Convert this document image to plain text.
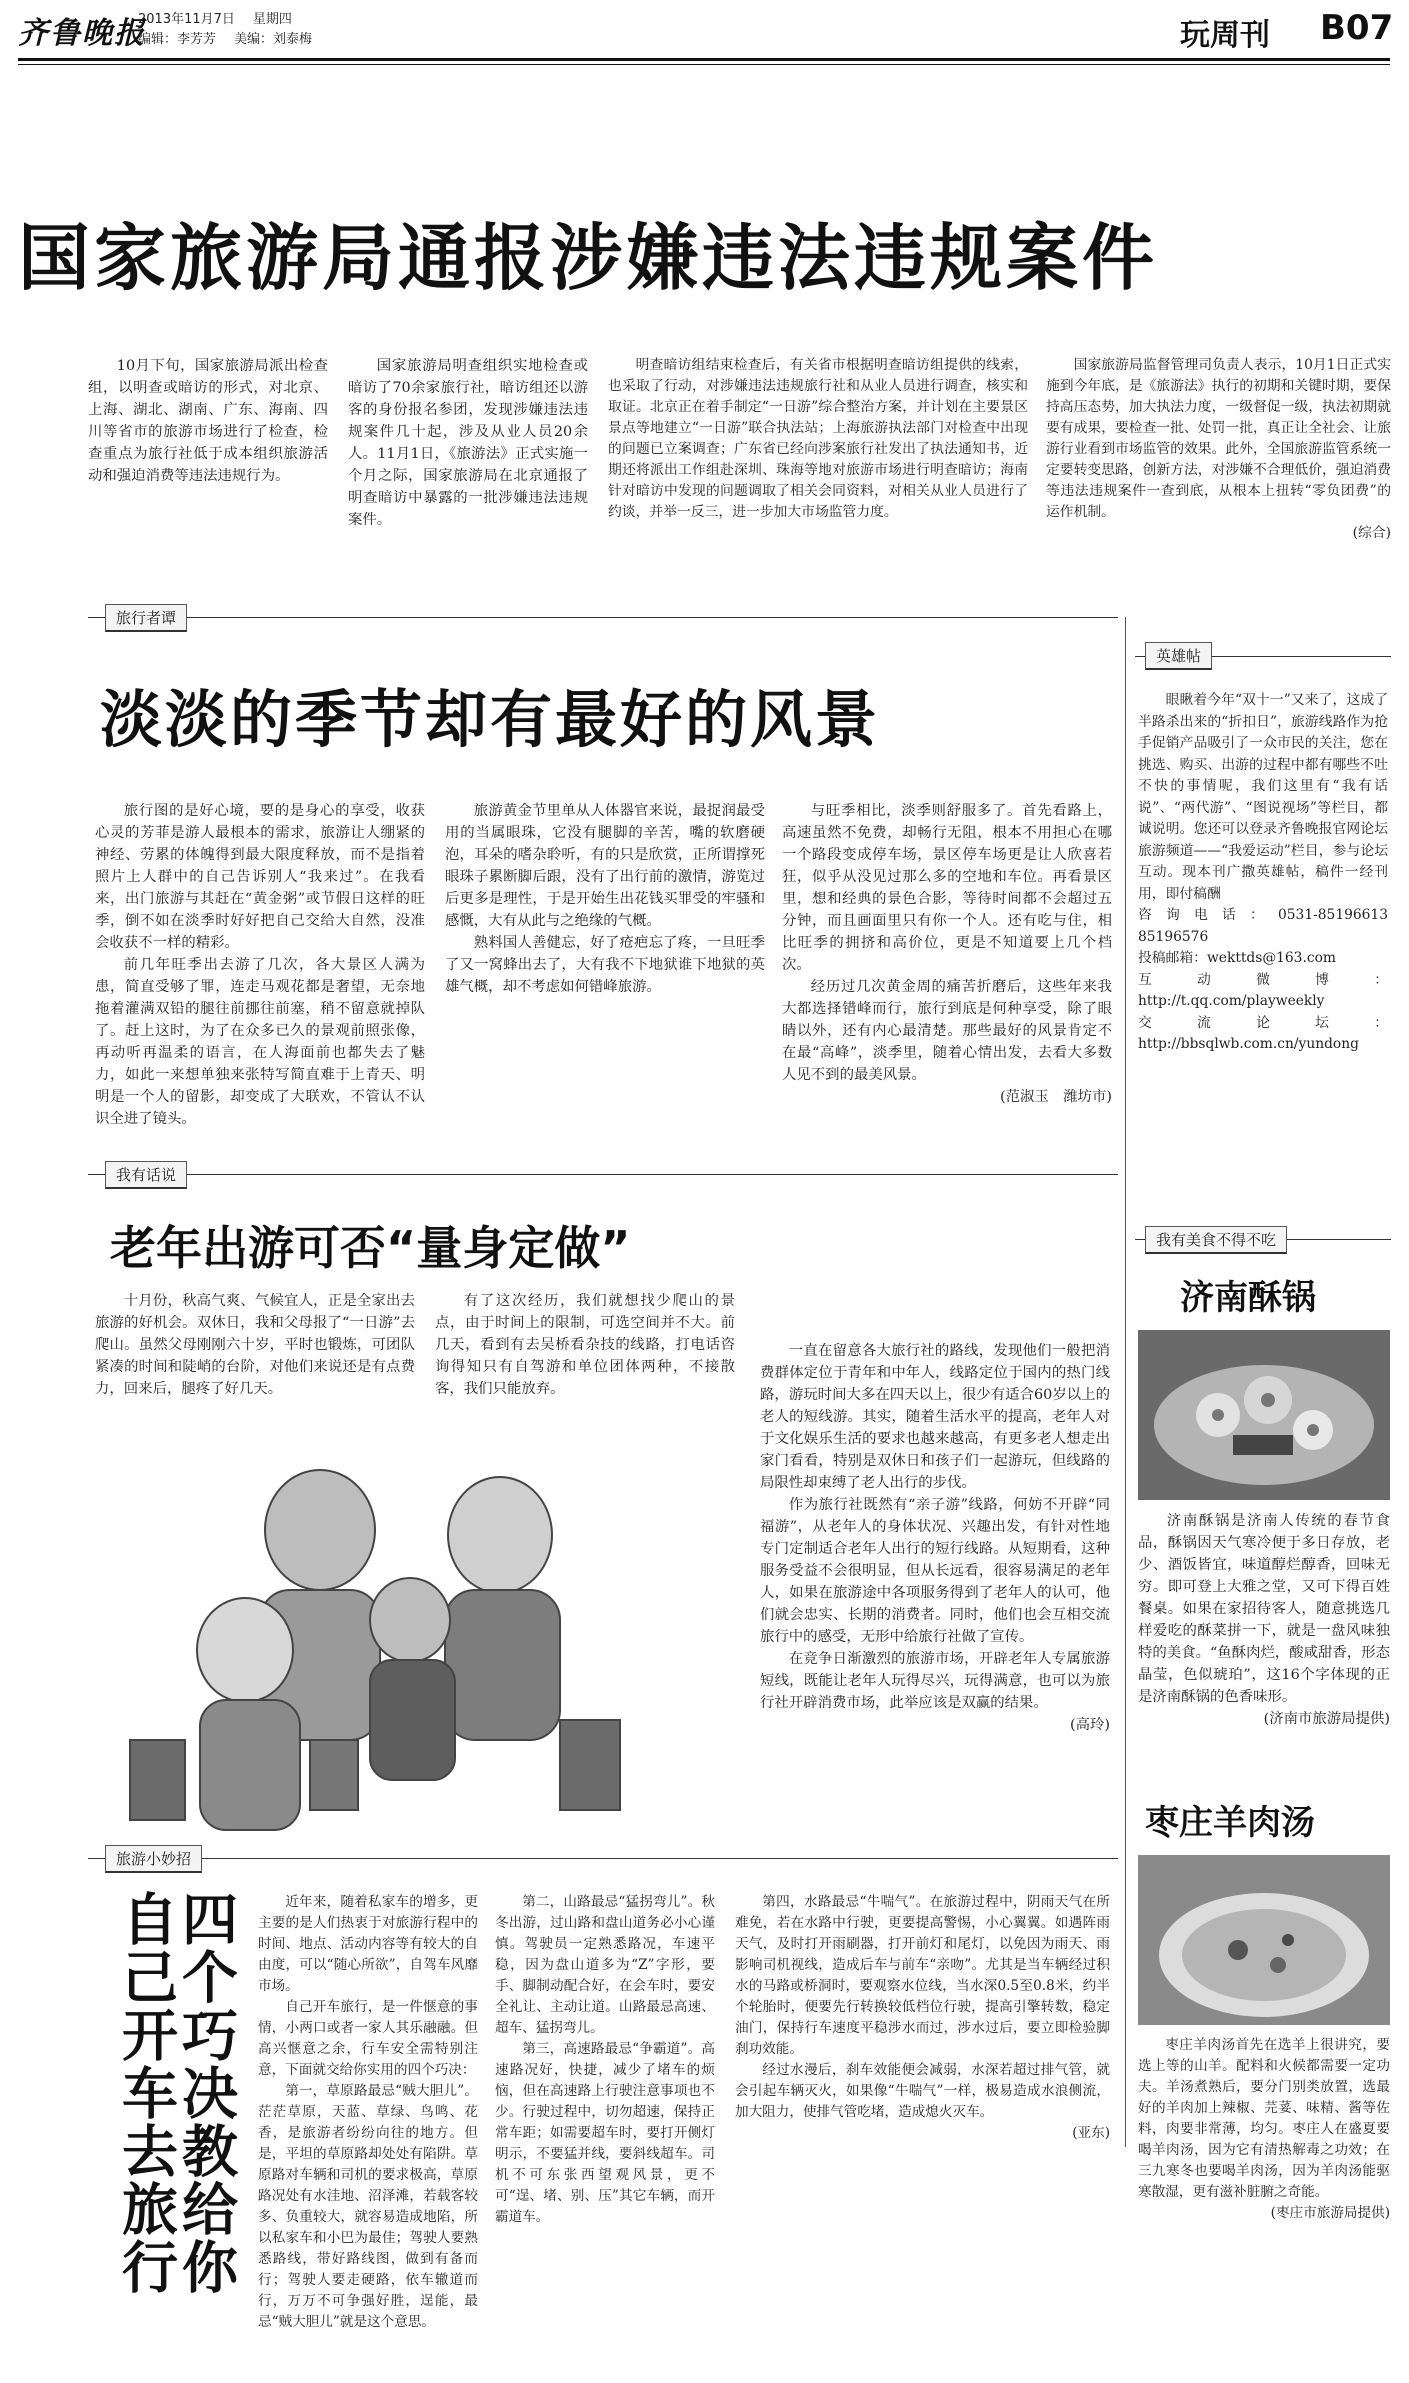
齐鲁晚报
2013年11月7日 星期四
编辑：李芳芳 美编：刘泰梅	玩周刊 B07
国家旅游局通报涉嫌违法违规案件

10月下旬，国家旅游局派出检查组，以明查或暗访的形式，对北京、上海、湖北、湖南、广东、海南、四川等省市的旅游市场进行了检查，检查重点为旅行社低于成本组织旅游活动和强迫消费等违法违规行为。

国家旅游局明查组织实地检查或暗访了70余家旅行社，暗访组还以游客的身份报名参团，发现涉嫌违法违规案件几十起，涉及从业人员20余人。11月1日，《旅游法》正式实施一个月之际，国家旅游局在北京通报了明查暗访中暴露的一批涉嫌违法违规案件。

明查暗访组结束检查后，有关省市根据明查暗访组提供的线索，也采取了行动，对涉嫌违法违规旅行社和从业人员进行调查，核实和取证。北京正在着手制定“一日游”综合整治方案，并计划在主要景区景点等地建立“一日游”联合执法站；上海旅游执法部门对检查中出现的问题已立案调查；广东省已经向涉案旅行社发出了执法通知书，近期还将派出工作组赴深圳、珠海等地对旅游市场进行明查暗访；海南针对暗访中发现的问题调取了相关会同资料，对相关从业人员进行了约谈，并举一反三，进一步加大市场监管力度。

国家旅游局监督管理司负责人表示，10月1日正式实施到今年底，是《旅游法》执行的初期和关键时期，要保持高压态势，加大执法力度，一级督促一级，执法初期就要有成果，要检查一批、处罚一批，真正让全社会、让旅游行业看到市场监管的效果。此外，全国旅游监管系统一定要转变思路，创新方法，对涉嫌不合理低价，强迫消费等违法违规案件一查到底，从根本上扭转“零负团费”的运作机制。

(综合)
旅行者谭
淡淡的季节却有最好的风景

旅行图的是好心境，要的是身心的享受，收获心灵的芳菲是游人最根本的需求，旅游让人绷紧的神经、劳累的体魄得到最大限度释放，而不是指着照片上人群中的自己告诉别人“我来过”。在我看来，出门旅游与其赶在“黄金粥”或节假日这样的旺季，倒不如在淡季时好好把自己交给大自然，没准会收获不一样的精彩。

前几年旺季出去游了几次，各大景区人满为患，简直受够了罪，连走马观花都是奢望，无奈地拖着灌满双铅的腿往前挪往前塞，稍不留意就掉队了。赶上这时，为了在众多已久的景观前照张像，再动听再温柔的语言，在人海面前也都失去了魅力，如此一来想单独来张特写简直难于上青天、明明是一个人的留影，却变成了大联欢，不管认不认识全进了镜头。

旅游黄金节里单从人体器官来说，最捉润最受用的当属眼珠，它没有腿脚的辛苦，嘴的软磨硬泡，耳朵的嗜杂聆听，有的只是欣赏，正所谓撑死眼珠子累断脚后跟，没有了出行前的激情，游览过后更多是理性，于是开始生出花钱买罪受的牢骚和感慨，大有从此与之绝缘的气概。

熟料国人善健忘，好了疮疤忘了疼，一旦旺季了又一窝蜂出去了，大有我不下地狱谁下地狱的英雄气概，却不考虑如何错峰旅游。

与旺季相比，淡季则舒服多了。首先看路上，高速虽然不免费，却畅行无阻，根本不用担心在哪一个路段变成停车场，景区停车场更是让人欣喜若狂，似乎从没见过那么多的空地和车位。再看景区里，想和经典的景色合影，等待时间都不会超过五分钟，而且画面里只有你一个人。还有吃与住，相比旺季的拥挤和高价位，更是不知道要上几个档次。

经历过几次黄金周的痛苦折磨后，这些年来我大都选择错峰而行，旅行到底是何种享受，除了眼睛以外，还有内心最清楚。那些最好的风景肯定不在最“高峰”，淡季里，随着心情出发，去看大多数人见不到的最美风景。

(范淑玉　潍坊市)
英雄帖

眼瞅着今年“双十一”又来了，这成了半路杀出来的“折扣日”，旅游线路作为抢手促销产品吸引了一众市民的关注，您在挑选、购买、出游的过程中都有哪些不吐不快的事情呢，我们这里有“我有话说”、“两代游”、“图说视场”等栏目，都诚说明。您还可以登录齐鲁晚报官网论坛旅游频道——“我爱运动”栏目，参与论坛互动。现本刊广撒英雄帖，稿件一经刊用，即付稿酬

咨询电话：0531-85196613　85196576
投稿邮箱：wekttds@163.com
互动微博：http://t.qq.com/playweekly
交流论坛：http://bbsqlwb.com.cn/yundong
我有话说
老年出游可否“量身定做”

十月份，秋高气爽、气候宜人，正是全家出去旅游的好机会。双休日，我和父母报了“一日游”去爬山。虽然父母刚刚六十岁，平时也锻炼，可团队紧凑的时间和陡峭的台阶，对他们来说还是有点费力，回来后，腿疼了好几天。

有了这次经历，我们就想找少爬山的景点，由于时间上的限制，可选空间并不大。前几天，看到有去吴桥看杂技的线路，打电话咨询得知只有自驾游和单位团体两种，不接散客，我们只能放弃。

一直在留意各大旅行社的路线，发现他们一般把消费群体定位于青年和中年人，线路定位于国内的热门线路，游玩时间大多在四天以上，很少有适合60岁以上的老人的短线游。其实，随着生活水平的提高，老年人对于文化娱乐生活的要求也越来越高，有更多老人想走出家门看看，特别是双休日和孩子们一起游玩，但线路的局限性却束缚了老人出行的步伐。

作为旅行社既然有“亲子游”线路，何妨不开辟“同福游”，从老年人的身体状况、兴趣出发，有针对性地专门定制适合老年人出行的短行线路。从短期看，这种服务受益不会很明显，但从长远看，很容易满足的老年人，如果在旅游途中各项服务得到了老年人的认可，他们就会忠实、长期的消费者。同时，他们也会互相交流旅行中的感受，无形中给旅行社做了宣传。

在竞争日渐激烈的旅游市场，开辟老年人专属旅游短线，既能让老年人玩得尽兴，玩得满意，也可以为旅行社开辟消费市场，此举应该是双赢的结果。

(高玲)
我有美食不得不吃
济南酥锅

济南酥锅是济南人传统的春节食品，酥锅因天气寒冷便于多日存放，老少、酒饭皆宜，味道醇烂醇香，回味无穷。即可登上大雅之堂，又可下得百姓餐桌。如果在家招待客人，随意挑选几样爱吃的酥菜拼一下，就是一盘风味独特的美食。“鱼酥肉烂，酸咸甜香，形态晶莹，色似琥珀”，这16个字体现的正是济南酥锅的色香味形。

(济南市旅游局提供)
枣庄羊肉汤

枣庄羊肉汤首先在选羊上很讲究，要选上等的山羊。配料和火候都需要一定功夫。羊汤煮熟后，要分门别类放置，选最好的羊肉加上辣椒、芫荽、味精、酱等佐料，肉要非常薄，均匀。枣庄人在盛夏要喝羊肉汤，因为它有清热解毒之功效；在三九寒冬也要喝羊肉汤，因为羊肉汤能驱寒散湿，更有滋补脏腑之奇能。

(枣庄市旅游局提供)
旅游小妙招
四个巧决教给你自己开车去旅行	近年来，随着私家车的增多，更主要的是人们热衷于对旅游行程中的时间、地点、活动内容等有较大的自由度，可以“随心所欲”，自驾车风靡市场。

自己开车旅行，是一件惬意的事情，小两口或者一家人其乐融融。但高兴惬意之余，行车安全需特别注意，下面就交给你实用的四个巧决：

第一，草原路最忌“贼大胆儿”。茫茫草原，天蓝、草绿、鸟鸣、花香，是旅游者纷纷向往的地方。但是，平坦的草原路却处处有陷阱。草原路对车辆和司机的要求极高，草原路况处有水洼地、沼泽滩，若载客较多、负重较大，就容易造成地陷，所以私家车和小巴为最佳；驾驶人要熟悉路线，带好路线图，做到有备而行；驾驶人要走硬路，依车辙道而行，万万不可争强好胜，逞能，最忌“贼大胆儿”就是这个意思。

第二，山路最忌“猛拐弯儿”。秋冬出游，过山路和盘山道务必小心谨慎。驾驶员一定熟悉路况，车速平稳，因为盘山道多为“Z”字形，要手、脚制动配合好，在会车时，要安全礼让、主动让道。山路最忌高速、超车、猛拐弯儿。

第三，高速路最忌“争霸道”。高速路况好，快捷，减少了堵车的烦恼，但在高速路上行驶注意事项也不少。行驶过程中，切勿超速，保持正常车距；如需要超车时，要打开侧灯明示，不要猛并线，要斜线超车。司机不可东张西望观风景，更不可“逞、堵、别、压”其它车辆，而开霸道车。

第四，水路最忌“牛喘气”。在旅游过程中，阴雨天气在所难免，若在水路中行驶，更要提高警惕，小心翼翼。如遇阵雨天气，及时打开雨刷器，打开前灯和尾灯，以免因为雨天、雨影响司机视线，造成后车与前车“亲吻”。尤其是当车辆经过积水的马路或桥洞时，要观察水位线，当水深0.5至0.8米，约半个轮胎时，便要先行转换较低档位行驶，提高引擎转数，稳定油门，保持行车速度平稳涉水而过，涉水过后，要立即检验脚刹功效能。

经过水漫后，刹车效能便会减弱，水深若超过排气管，就会引起车辆灭火，如果像“牛喘气”一样，极易造成水浪侧流，加大阻力，使排气管吃堵，造成熄火灭车。

(亚东)
